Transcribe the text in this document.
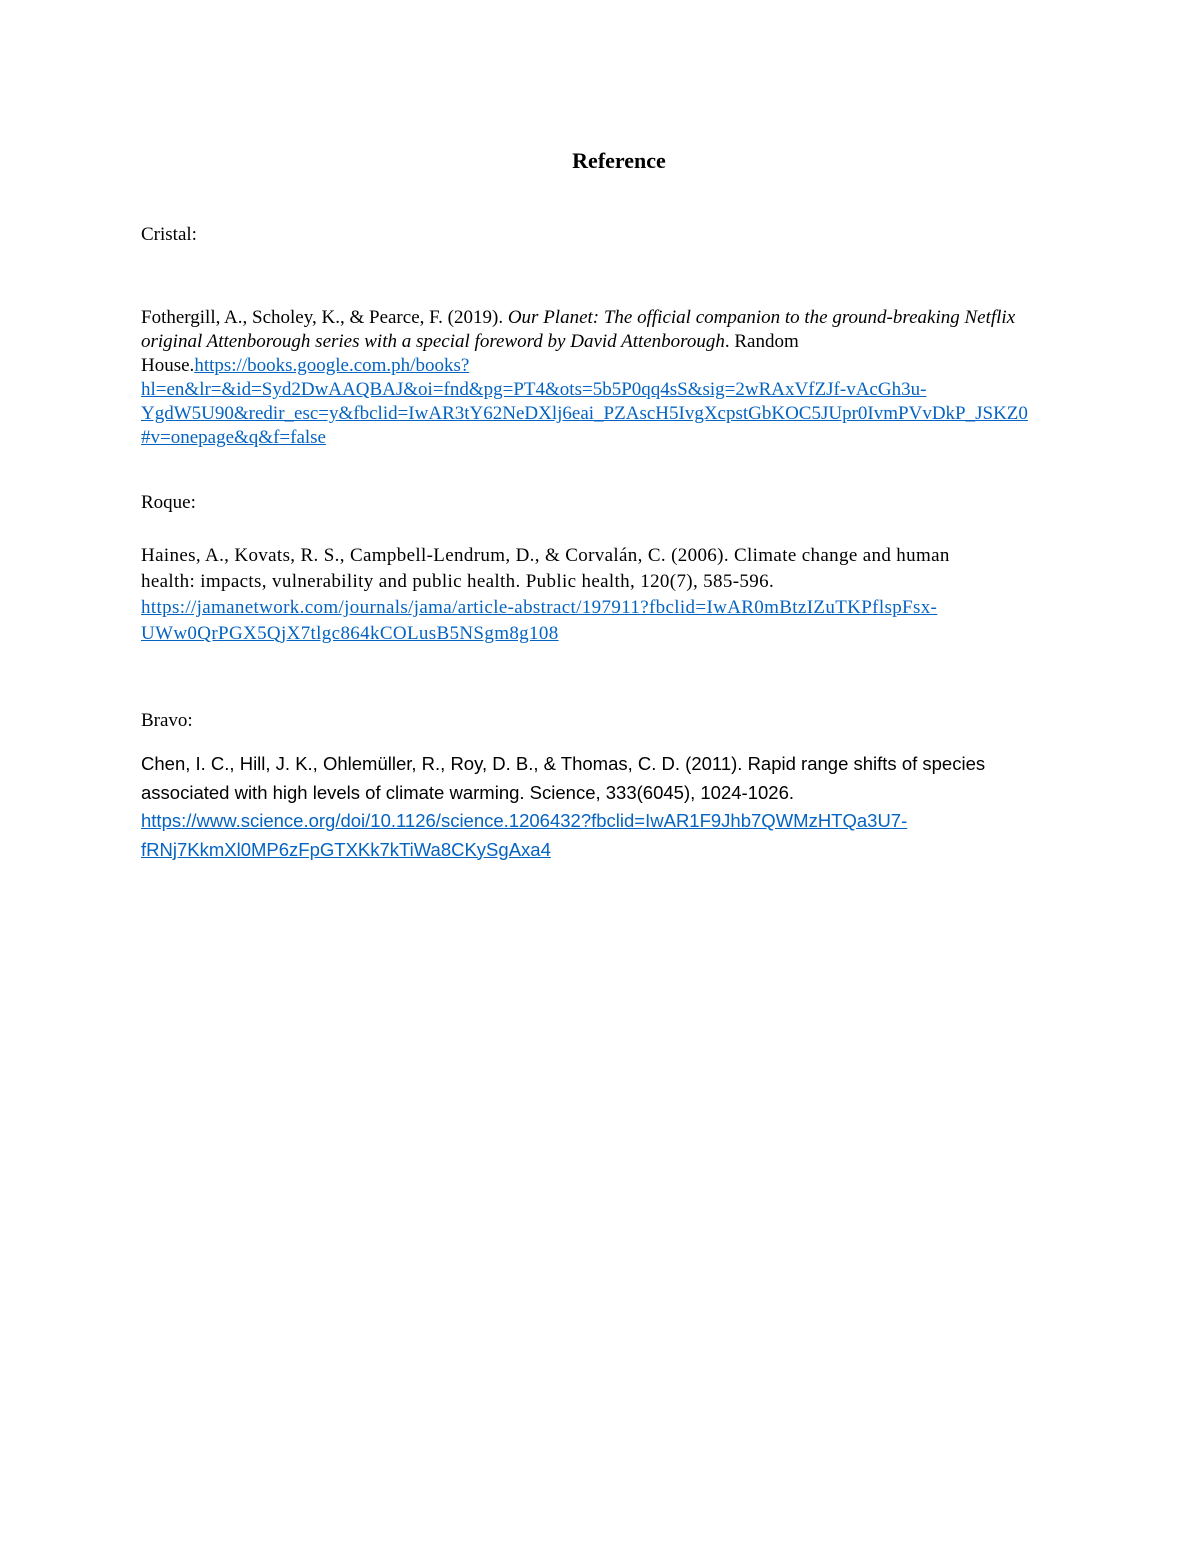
Reference
Cristal:
Fothergill, A., Scholey, K., & Pearce, F. (2019). Our Planet: The official companion to the ground-breaking Netflix
original Attenborough series with a special foreword by David Attenborough. Random
House.https://books.google.com.ph/books?
hl=en&lr=&id=Syd2DwAAQBAJ&oi=fnd&pg=PT4&ots=5b5P0qq4sS&sig=2wRAxVfZJf-vAcGh3u-
YgdW5U90&redir_esc=y&fbclid=IwAR3tY62NeDXlj6eai_PZAscH5IvgXcpstGbKOC5JUpr0IvmPVvDkP_JSKZ0
#v=onepage&q&f=false
Roque:
Haines, A., Kovats, R. S., Campbell-Lendrum, D., & Corvalán, C. (2006). Climate change and human
health: impacts, vulnerability and public health. Public health, 120(7), 585-596.
https://jamanetwork.com/journals/jama/article-abstract/197911?fbclid=IwAR0mBtzIZuTKPflspFsx-
UWw0QrPGX5QjX7tlgc864kCOLusB5NSgm8g108
Bravo:
Chen, I. C., Hill, J. K., Ohlemüller, R., Roy, D. B., & Thomas, C. D. (2011). Rapid range shifts of species
associated with high levels of climate warming. Science, 333(6045), 1024-1026.
https://www.science.org/doi/10.1126/science.1206432?fbclid=IwAR1F9Jhb7QWMzHTQa3U7-
fRNj7KkmXl0MP6zFpGTXKk7kTiWa8CKySgAxa4
